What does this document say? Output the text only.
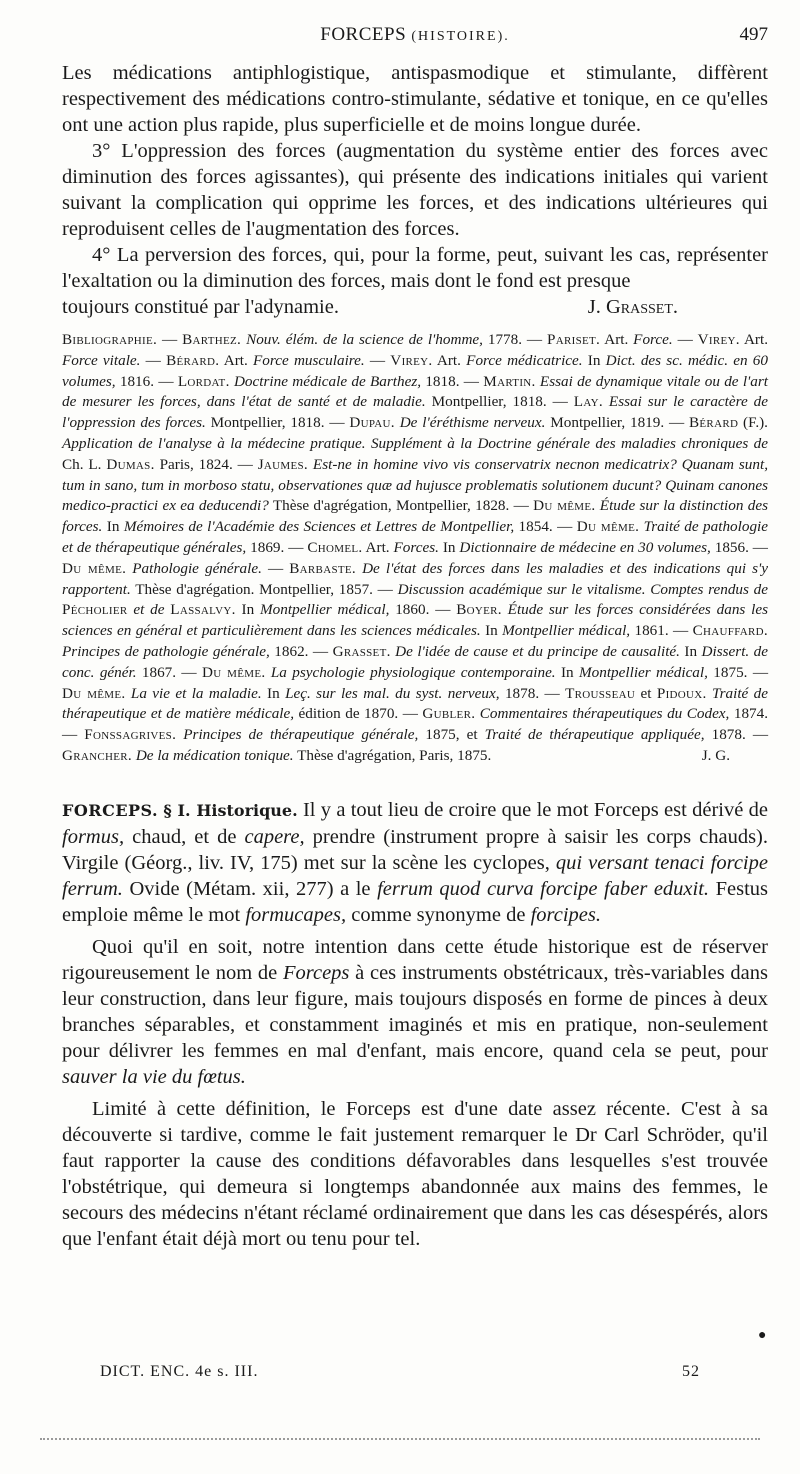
FORCEPS (HISTOIRE).	497

Les médications antiphlogistique, antispasmodique et stimulante, diffèrent respectivement des médications contro-stimulante, sédative et tonique, en ce qu'elles ont une action plus rapide, plus superficielle et de moins longue durée.

3° L'oppression des forces (augmentation du système entier des forces avec diminution des forces agissantes), qui présente des indications initiales qui varient suivant la complication qui opprime les forces, et des indications ultérieures qui reproduisent celles de l'augmentation des forces.

4° La perversion des forces, qui, pour la forme, peut, suivant les cas, représenter l'exaltation ou la diminution des forces, mais dont le fond est presque

toujours constitué par l'adynamie.	J. Grasset.

Bibliographie. — Barthez. Nouv. élém. de la science de l'homme, 1778. — Pariset. Art. Force. — Virey. Art. Force vitale. — Bérard. Art. Force musculaire. — Virey. Art. Force médicatrice. In Dict. des sc. médic. en 60 volumes, 1816. — Lordat. Doctrine médicale de Barthez, 1818. — Martin. Essai de dynamique vitale ou de l'art de mesurer les forces, dans l'état de santé et de maladie. Montpellier, 1818. — Lay. Essai sur le caractère de l'oppression des forces. Montpellier, 1818. — Dupau. De l'éréthisme nerveux. Montpellier, 1819. — Bérard (F.). Application de l'analyse à la médecine pratique. Supplément à la Doctrine générale des maladies chroniques de Ch. L. Dumas. Paris, 1824. — Jaumes. Est-ne in homine vivo vis conservatrix necnon medicatrix? Quanam sunt, tum in sano, tum in morboso statu, observationes quæ ad hujusce problematis solutionem ducunt? Quinam canones medico-practici ex ea deducendi? Thèse d'agrégation, Montpellier, 1828. — Du même. Étude sur la distinction des forces. In Mémoires de l'Académie des Sciences et Lettres de Montpellier, 1854. — Du même. Traité de pathologie et de thérapeutique générales, 1869. — Chomel. Art. Forces. In Dictionnaire de médecine en 30 volumes, 1856. — Du même. Pathologie générale. — Barbaste. De l'état des forces dans les maladies et des indications qui s'y rapportent. Thèse d'agrégation. Montpellier, 1857. — Discussion académique sur le vitalisme. Comptes rendus de Pécholier et de Lassalvy. In Montpellier médical, 1860. — Boyer. Étude sur les forces considérées dans les sciences en général et particulièrement dans les sciences médicales. In Montpellier médical, 1861. — Chauffard. Principes de pathologie générale, 1862. — Grasset. De l'idée de cause et du principe de causalité. In Dissert. de conc. génér. 1867. — Du même. La psychologie physiologique contemporaine. In Montpellier médical, 1875. — Du même. La vie et la maladie. In Leç. sur les mal. du syst. nerveux, 1878. — Trousseau et Pidoux. Traité de thérapeutique et de matière médicale, édition de 1870. — Gubler. Commentaires thérapeutiques du Codex, 1874. — Fonssagrives. Principes de thérapeutique générale, 1875, et Traité de thérapeutique appliquée, 1878. — Grancher. De la médication tonique. Thèse d'agrégation, Paris, 1875.	J. G.

FORCEPS. § I. Historique. Il y a tout lieu de croire que le mot Forceps est dérivé de formus, chaud, et de capere, prendre (instrument propre à saisir les corps chauds). Virgile (Géorg., liv. IV, 175) met sur la scène les cyclopes, qui versant tenaci forcipe ferrum. Ovide (Métam. xii, 277) a le ferrum quod curva forcipe faber eduxit. Festus emploie même le mot formucapes, comme synonyme de forcipes.

Quoi qu'il en soit, notre intention dans cette étude historique est de réserver rigoureusement le nom de Forceps à ces instruments obstétricaux, très-variables dans leur construction, dans leur figure, mais toujours disposés en forme de pinces à deux branches séparables, et constamment imaginés et mis en pratique, non-seulement pour délivrer les femmes en mal d'enfant, mais encore, quand cela se peut, pour sauver la vie du fœtus.

Limité à cette définition, le Forceps est d'une date assez récente. C'est à sa découverte si tardive, comme le fait justement remarquer le Dr Carl Schröder, qu'il faut rapporter la cause des conditions défavorables dans lesquelles s'est trouvée l'obstétrique, qui demeura si longtemps abandonnée aux mains des femmes, le secours des médecins n'étant réclamé ordinairement que dans les cas désespérés, alors que l'enfant était déjà mort ou tenu pour tel.

●
DICT. ENC. 4e s. III.	52
